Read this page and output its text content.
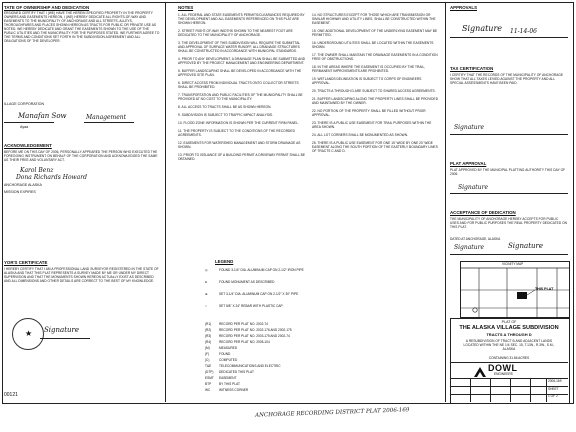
TATE OF OWNERSHIP AND DEDICATION
ERSIGNED CERTIFY THAT I (WE) HAVE THE HEREIN SPECIFIED PROPERTY IN THE PROPERTY OWNERS AND EASEMENTS HEREON, I (WE) HEREBY DEDICATE ALL RIGHTS-OF-WAY AND EASEMENTS TO THE MUNICIPALITY OF ANCHORAGE AND ALL STREETS, ALLEYS, THOROUGHFARES AND PLACES SHOWN HEREON AS TRACTS FOR PUBLIC OR PRIVATE USE AS NOTED. WE HEREBY DEDICATE AND GRANT THE EASEMENTS SHOWN TO THE USE OF THE PUBLIC UTILITIES AND THE MUNICIPALITY FOR THE PURPOSES STATED. WE FURTHER AGREE TO THE TERMS AND CONDITIONS SET FORTH IN THE SUBDIVISION AGREEMENT AND ALL OBLIGATIONS OF THE DEVELOPER.
ILLAGE CORPORATION
Manafan Sow	Management
Ayaa
ACKNOWLEDGEMENT
BEFORE ME ON THIS DAY OF 2006, PERSONALLY APPEARED THE PERSON WHO EXECUTED THE FOREGOING INSTRUMENT ON BEHALF OF THE CORPORATION AND ACKNOWLEDGED THE SAME AS THEIR FREE AND VOLUNTARY ACT.
Karol Benz
Dona Richards Howard
ANCHORAGE ALASKA
MISSION EXPIRES
YOR'S CERTIFICATE
I HEREBY CERTIFY THAT I AM A PROFESSIONAL LAND SURVEYOR REGISTERED IN THE STATE OF ALASKA AND THAT THIS PLAT REPRESENTS A SURVEY MADE BY ME OR UNDER MY DIRECT SUPERVISION AND THAT THE MONUMENTS SHOWN HEREON ACTUALLY EXIST AS DESCRIBED AND ALL DIMENSIONS AND OTHER DETAILS ARE CORRECT TO THE BEST OF MY KNOWLEDGE.
★ Signature
00121
NOTES
1. ALL FEDERAL AND STATE EASEMENTS PERMITS/CLEARANCES REQUIRED BY THE DEVELOPMENT AND ALL EASEMENTS REFERENCED ON THIS PLAT ARE SHOWN HEREON.

2. STREET RIGHT-OF-WAY WIDTHS SHOWN TO THE NEAREST FOOT ARE DEDICATED TO THE MUNICIPALITY OF ANCHORAGE.

3. THE DEVELOPMENT OF THIS SUBDIVISION WILL REQUIRE THE SUBMITTAL AND APPROVAL OF SURFACE WATER RUNOFF, ALL DRAINAGE STRUCTURES SHALL BE CONSTRUCTED IN ACCORDANCE WITH MUNICIPAL STANDARDS.

4. PRIOR TO ANY DEVELOPMENT, A DRAINAGE PLAN SHALL BE SUBMITTED AND APPROVED BY THE PROJECT MANAGEMENT AND ENGINEERING DEPARTMENT.

5. BUFFER LANDSCAPING SHALL BE DEVELOPED IN ACCORDANCE WITH THE APPROVED SITE PLAN.

6. DIRECT ACCESS FROM INDIVIDUAL TRACTS ONTO COLLECTOR STREETS SHALL BE PROHIBITED.

7. TRANSPORTATION AND PUBLIC FACILITIES OF THE MUNICIPALITY SHALL BE PROVIDED AT NO COST TO THE MUNICIPALITY.

8. ALL ACCESS TO TRACTS SHALL BE AS SHOWN HEREON.

9. SUBDIVISION IS SUBJECT TO TRAFFIC IMPACT ANALYSIS.

10. FLOOD ZONE INFORMATION IS SHOWN PER THE CURRENT FIRM PANEL.

11. THE PROPERTY IS SUBJECT TO THE CONDITIONS OF THE RECORDED AGREEMENTS.

12. EASEMENTS FOR WATERSHED MANAGEMENT AND STORM DRAINAGE AS SHOWN.

13. PRIOR TO ISSUANCE OF A BUILDING PERMIT A DRIVEWAY PERMIT SHALL BE OBTAINED.
14. NO STRUCTURES EXCEPT FOR THOSE WHICH ARE TRANSMISSION OR SIMILAR HIGHWAY AND UTILITY LINES, SHALL BE CONSTRUCTED WITHIN THE EASEMENT.

15. ONE ADDITIONAL DEVELOPMENT OF THE UNDERLYING EASEMENT MAY BE PERMITTED.

16. UNDERGROUND UTILITIES SHALL BE LOCATED WITHIN THE EASEMENTS SHOWN.

17. THE OWNER SHALL MAINTAIN THE DRAINAGE EASEMENTS IN A CONDITION FREE OF OBSTRUCTIONS.

18. IN THE AREAS WHERE THE EASEMENT IS OCCUPIED BY THE TRAIL, PERMANENT IMPROVEMENTS ARE PROHIBITED.

19. WETLANDS DELINEATION IS SUBJECT TO CORPS OF ENGINEERS APPROVAL.

20. TRACTS A THROUGH D ARE SUBJECT TO SHARED ACCESS AGREEMENTS.

21. BUFFER LANDSCAPING ALONG THE PROPERTY LINES SHALL BE PROVIDED AND MAINTAINED BY THE OWNER.

22. NO PORTION OF THE PROPERTY SHALL BE FILLED WITHOUT PRIOR APPROVAL.

23. THERE IS A PUBLIC USE EASEMENT FOR TRAIL PURPOSES WITHIN THE AREA SHOWN.

24. ALL LOT CORNERS SHALL BE MONUMENTED AS SHOWN.

25. THERE IS A PUBLIC USE EASEMENT FOR ONE 15' WIDE BY ONE 20' WIDE EASEMENT ALONG THE SOUTH PORTION OF THE EASTERLY BOUNDARY LINES OF TRACTS C AND D.
LEGEND
◎	FOUND 3-1/4" DIA. ALUMINUM CAP ON 2-1/2" IRON PIPE
●	FOUND MONUMENT AS DESCRIBED
⊕	SET 3-1/4" DIA. ALUMINUM CAP ON 2-1/2" X 30" PIPE
○	SET 5/8" X 24" REBAR WITH PLASTIC CAP
(R1) RECORD PER PLAT NO. 2002-74
(R2) RECORD PER PLAT NO. 2002-176 AND 2002-175
(R3) RECORD PER PLAT NO. 2003-175 AND 2002-74
(R4) RECORD PER PLAT NO. 2005-104
(M)	MEASURED
(F)	FOUND
(C)	COMPUTED
T&E TELECOMMUNICATIONS AND ELECTRIC
(DTP) DEDICATED THIS PLAT
ESMT EASEMENT
BTP BY THIS PLAT
WC	WITNESS CORNER
APPROVALS
Signature 11-14-06
TAX CERTIFICATION
I CERTIFY THAT THE RECORDS OF THE MUNICIPALITY OF ANCHORAGE SHOW THAT ALL TAXES LEVIED AGAINST THE PROPERTY AND ALL SPECIAL ASSESSMENTS HAVE BEEN PAID.
Signature
PLAT APPROVAL
PLAT APPROVED BY THE MUNICIPAL PLATTING AUTHORITY THIS DAY OF 2006.
Signature
ACCEPTANCE OF DEDICATION
THE MUNICIPALITY OF ANCHORAGE HEREBY ACCEPTS FOR PUBLIC USES AND FOR PUBLIC PURPOSES THE REAL PROPERTY DEDICATED ON THIS PLAT.
DATED AT ANCHORAGE, ALASKA
Signature	Signature
VICINITY MAP
THIS PLAT
PLAT OF
THE ALASKA VILLAGE SUBDIVISION
TRACTS A THROUGH D
A RESUBDIVISION OF TRACT B AND ADJACENT LANDS LOCATED WITHIN THE NE 1/4 SEC. 15, T.13N., R.3W., S.M., ALASKA
CONTAINING 31.86 ACRES
DOWL
ENGINEERS
2006-169
SHEET
1 OF 2
ANCHORAGE RECORDING DISTRICT PLAT 2006-169
